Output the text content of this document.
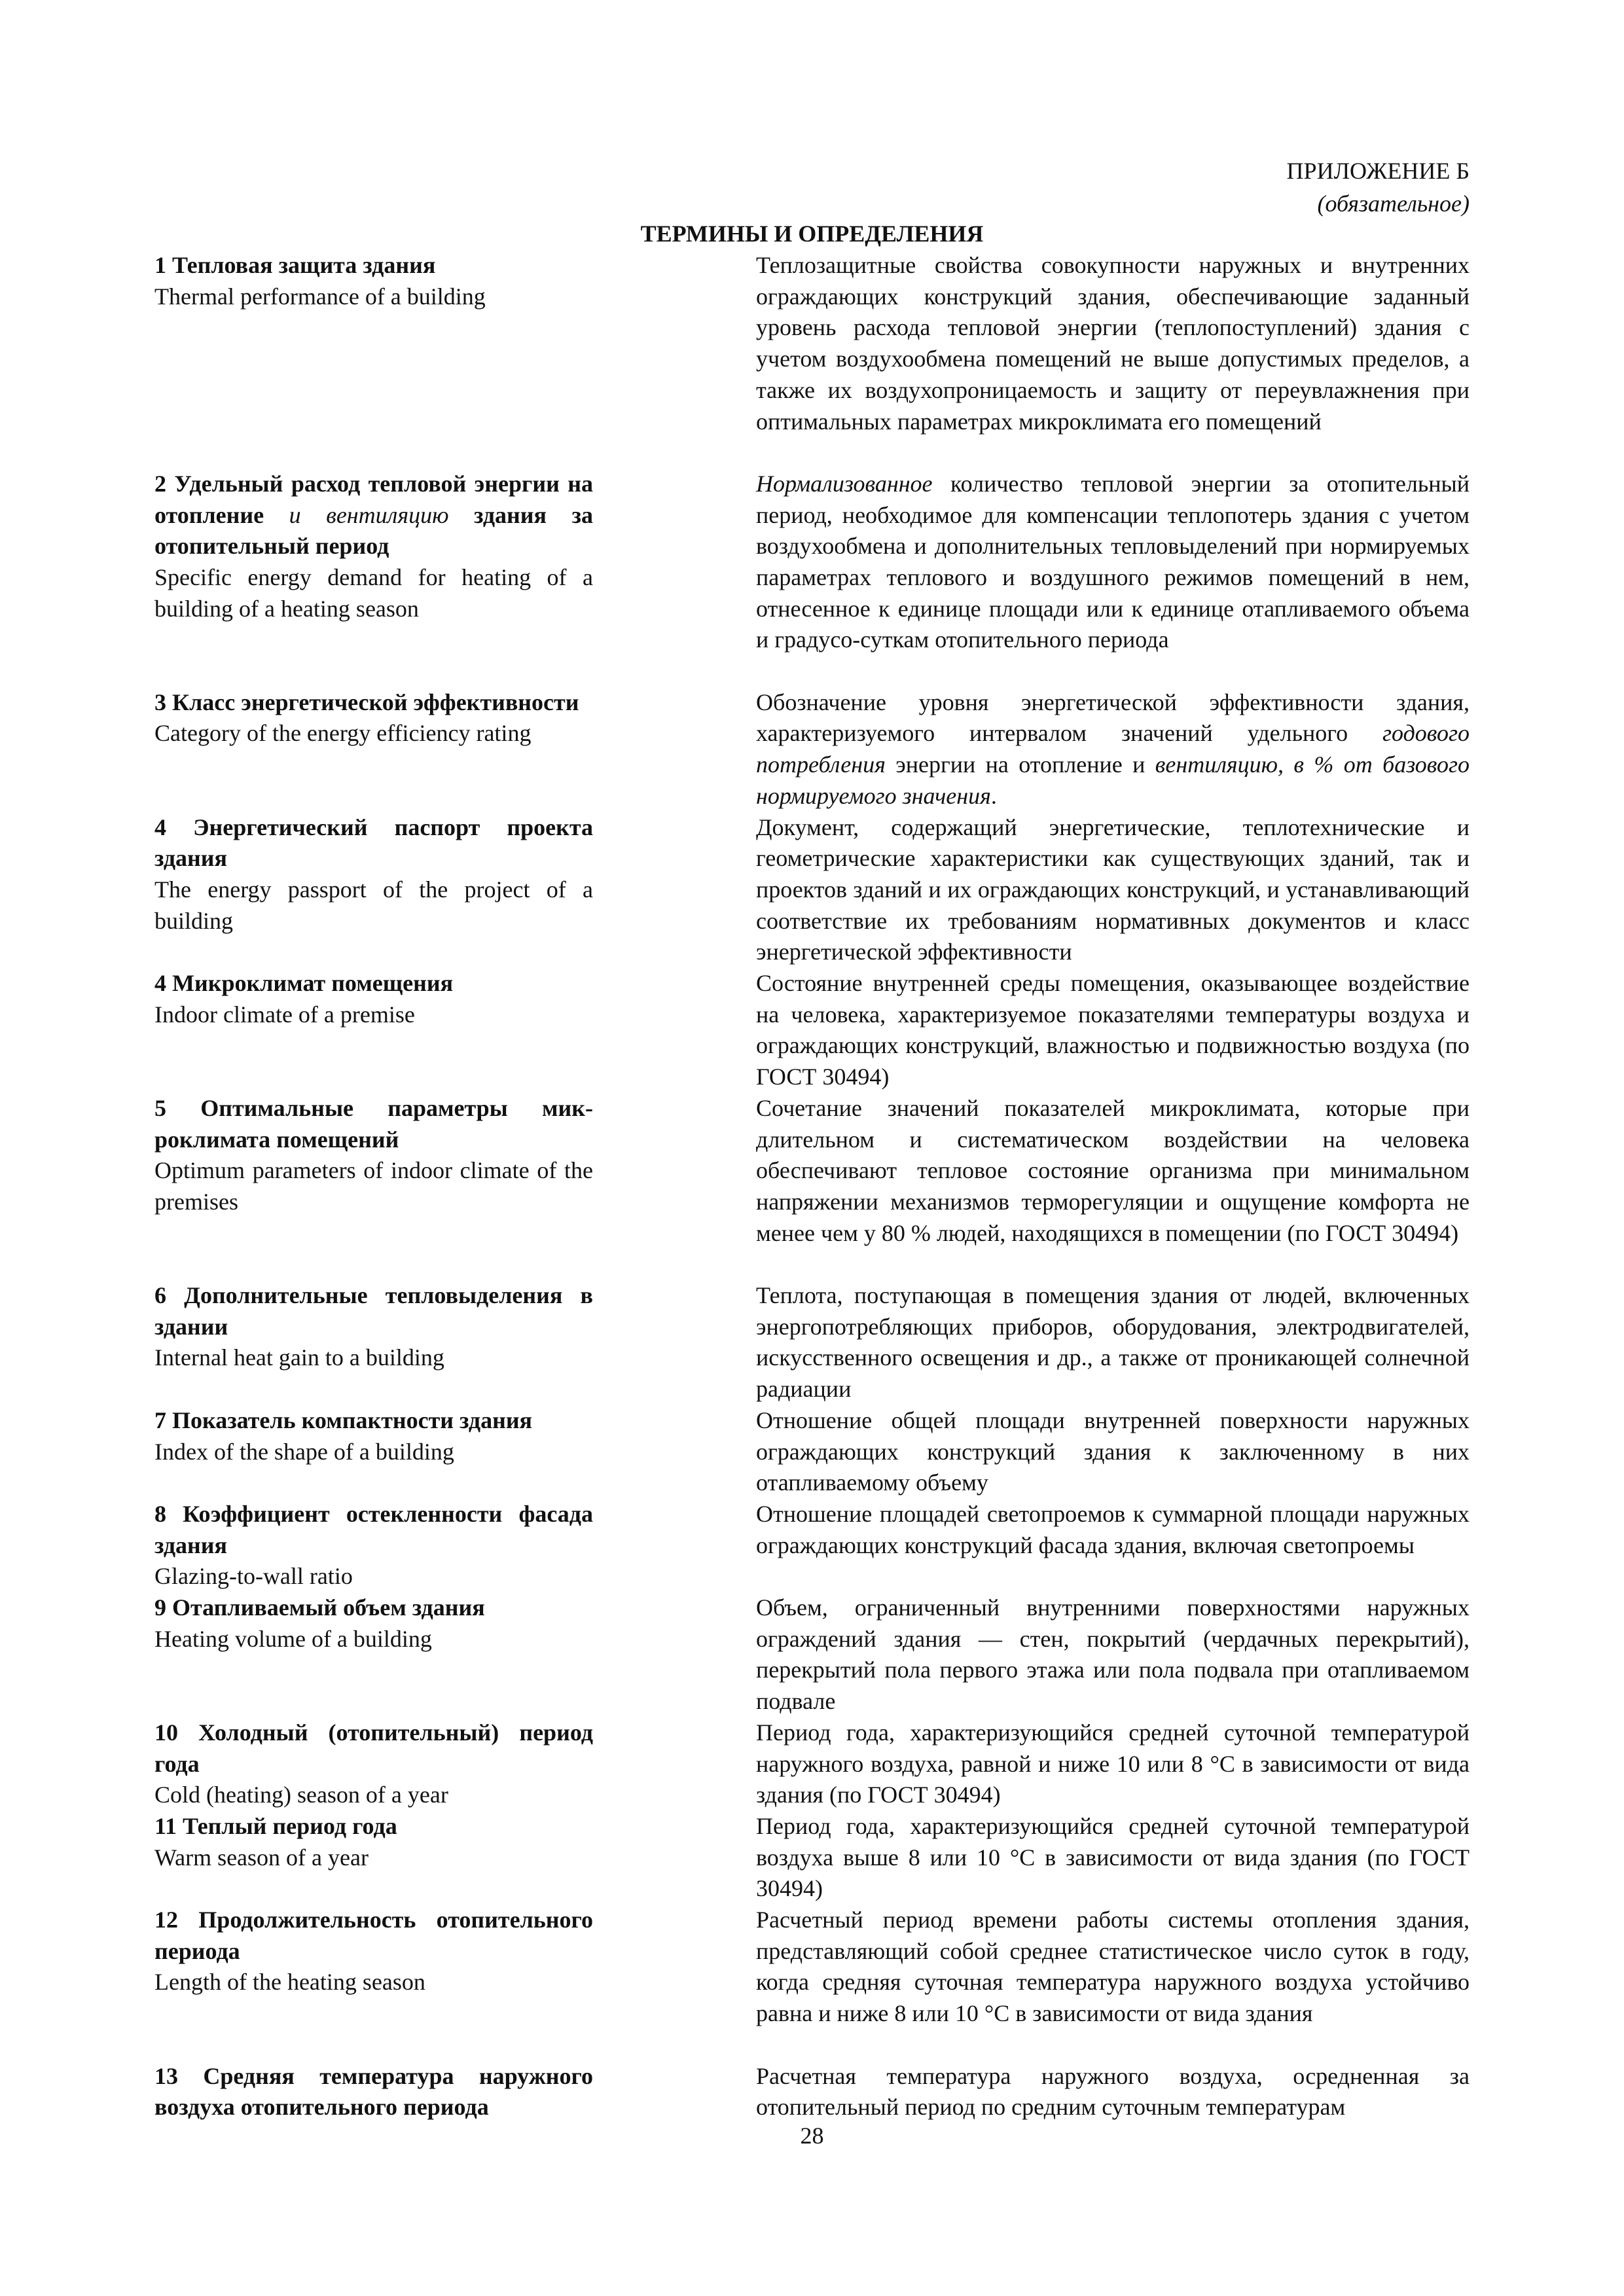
ПРИЛОЖЕНИЕ Б
(обязательное)
ТЕРМИНЫ И ОПРЕДЕЛЕНИЯ
1 Тепловая защита здания
Thermal performance of a building
Теплозащитные свойства совокупности наружных и внутренних ограждающих конструкций здания, обеспечивающие заданный уровень расхода тепловой энергии (теплопоступлений) здания с учетом воздухообмена помещений не выше допустимых пределов, а также их воздухопроницаемость и защиту от переувлажнения при оптимальных параметрах микроклимата его помещений
2 Удельный расход тепловой энергии на отопление и вентиляцию здания за отопительный период
Specific energy demand for heating of a building of a heating season
Нормализованное количество тепловой энергии за отопительный период, необходимое для компенсации теплопотерь здания с учетом воздухообмена и дополнительных тепловыделений при нормируемых параметрах теплового и воздушного режимов помещений в нем, отнесенное к единице площади или к единице отапливаемого объема и градусо-суткам отопительного периода
3 Класс энергетической эффективности
Category of the energy efficiency rating
Обозначение уровня энергетической эффективности здания, характеризуемого интервалом значений удельного годового потребления энергии на отопление и вентиляцию, в % от базового нормируемого значения.
4 Энергетический паспорт проекта здания
The energy passport of the project of a building
Документ, содержащий энергетические, теплотехнические и геометрические характеристики как существующих зданий, так и проектов зданий и их ограждающих конструкций, и устанавливающий соответствие их требованиям нормативных документов и класс энергетической эффективности
4 Микроклимат помещения
Indoor climate of a premise
Состояние внутренней среды помещения, оказывающее воздействие на человека, характеризуемое показателями температуры воздуха и ограждающих конструкций, влажностью и подвижностью воздуха (по ГОСТ 30494)
5 Оптимальные параметры микроклимата помещений
Optimum parameters of indoor climate of the premises
Сочетание значений показателей микроклимата, которые при длительном и систематическом воздействии на человека обеспечивают тепловое состояние организма при минимальном напряжении механизмов терморегуляции и ощущение комфорта не менее чем у 80 % людей, находящихся в помещении (по ГОСТ 30494)
6 Дополнительные тепловыделения в здании
Internal heat gain to a building
Теплота, поступающая в помещения здания от людей, включенных энергопотребляющих приборов, оборудования, электродвигателей, искусственного освещения и др., а также от проникающей солнечной радиации
7 Показатель компактности здания
Index of the shape of a building
Отношение общей площади внутренней поверхности наружных ограждающих конструкций здания к заключенному в них отапливаемому объему
8 Коэффициент остекленности фасада здания
Glazing-to-wall ratio
Отношение площадей светопроемов к суммарной площади наружных ограждающих конструкций фасада здания, включая светопроемы
9 Отапливаемый объем здания
Heating volume of a building
Объем, ограниченный внутренними поверхностями наружных ограждений здания — стен, покрытий (чердачных перекрытий), перекрытий пола первого этажа или пола подвала при отапливаемом подвале
10 Холодный (отопительный) период года
Cold (heating) season of a year
Период года, характеризующийся средней суточной температурой наружного воздуха, равной и ниже 10 или 8 °С в зависимости от вида здания (по ГОСТ 30494)
11 Теплый период года
Warm season of a year
Период года, характеризующийся средней суточной температурой воздуха выше 8 или 10 °С в зависимости от вида здания (по ГОСТ 30494)
12 Продолжительность отопительного периода
Length of the heating season
Расчетный период времени работы системы отопления здания, представляющий собой среднее статистическое число суток в году, когда средняя суточная температура наружного воздуха устойчиво равна и ниже 8 или 10 °С в зависимости от вида здания
13 Средняя температура наружного воздуха отопительного периода
Расчетная температура наружного воздуха, осредненная за отопительный период по средним суточным температурам
28
